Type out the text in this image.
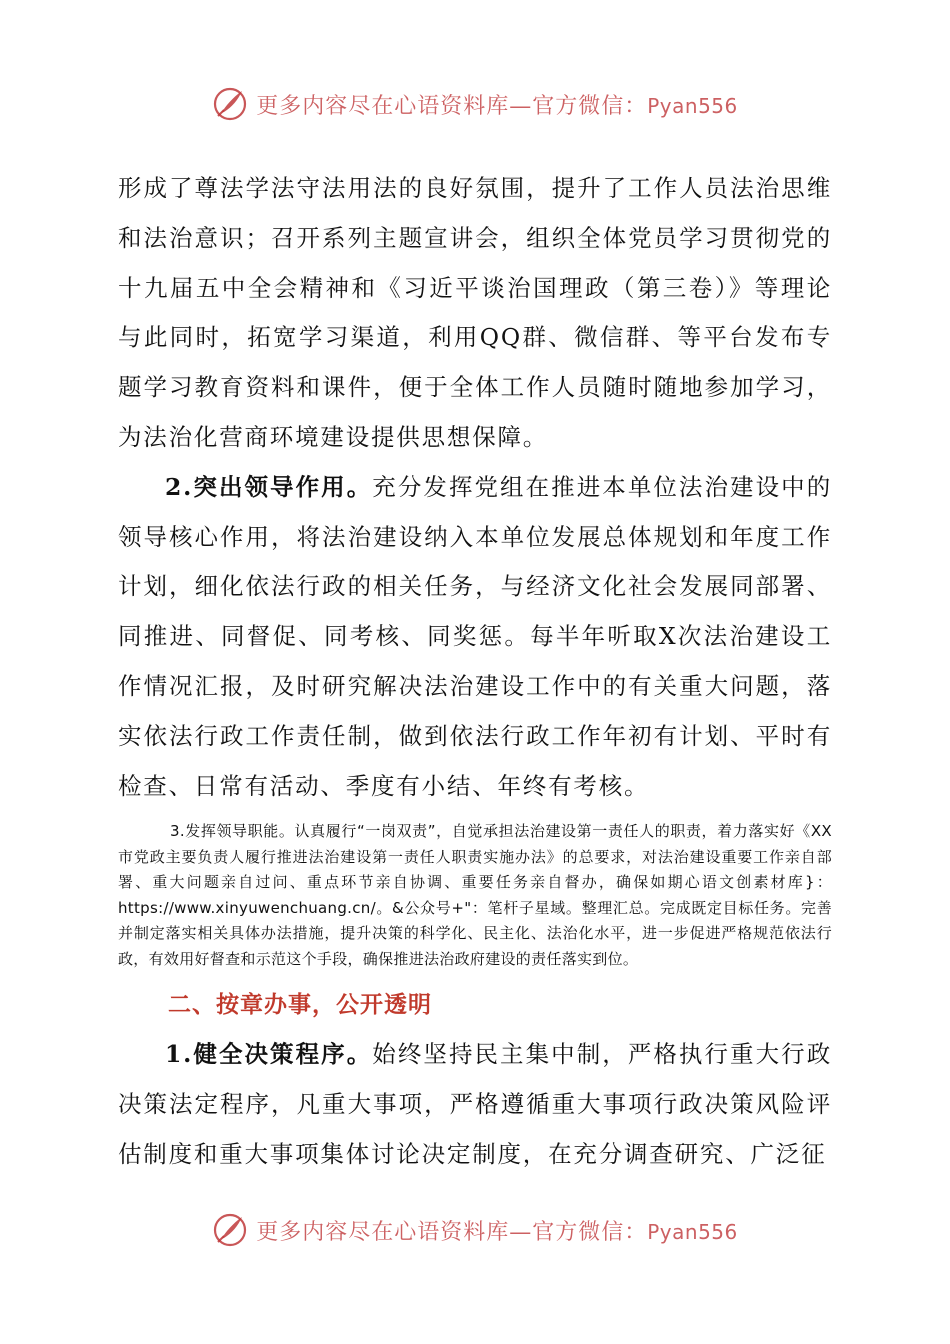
更多内容尽在心语资料库—官方微信：Pyan556

形成了尊法学法守法用法的良好氛围，提升了工作人员法治思维和法治意识；召开系列主题宣讲会，组织全体党员学习贯彻党的十九届五中全会精神和《习近平谈治国理政（第三卷）》等理论与此同时，拓宽学习渠道，利用QQ群、微信群、等平台发布专题学习教育资料和课件，便于全体工作人员随时随地参加学习，为法治化营商环境建设提供思想保障。

2.突出领导作用。充分发挥党组在推进本单位法治建设中的领导核心作用，将法治建设纳入本单位发展总体规划和年度工作计划，细化依法行政的相关任务，与经济文化社会发展同部署、同推进、同督促、同考核、同奖惩。每半年听取X次法治建设工作情况汇报，及时研究解决法治建设工作中的有关重大问题，落实依法行政工作责任制，做到依法行政工作年初有计划、平时有检查、日常有活动、季度有小结、年终有考核。

3.发挥领导职能。认真履行“一岗双责”，自觉承担法治建设第一责任人的职责，着力落实好《XX市党政主要负责人履行推进法治建设第一责任人职责实施办法》的总要求，对法治建设重要工作亲自部署、重大问题亲自过问、重点环节亲自协调、重要任务亲自督办，确保如期心语文创素材库}：https://www.xinyuwenchuang.cn/。&公众号+"：笔杆子星域。整理汇总。完成既定目标任务。完善并制定落实相关具体办法措施，提升决策的科学化、民主化、法治化水平，进一步促进严格规范依法行政，有效用好督查和示范这个手段，确保推进法治政府建设的责任落实到位。

二、按章办事，公开透明

1.健全决策程序。始终坚持民主集中制，严格执行重大行政决策法定程序，凡重大事项，严格遵循重大事项行政决策风险评估制度和重大事项集体讨论决定制度，在充分调查研究、广泛征

更多内容尽在心语资料库—官方微信：Pyan556
